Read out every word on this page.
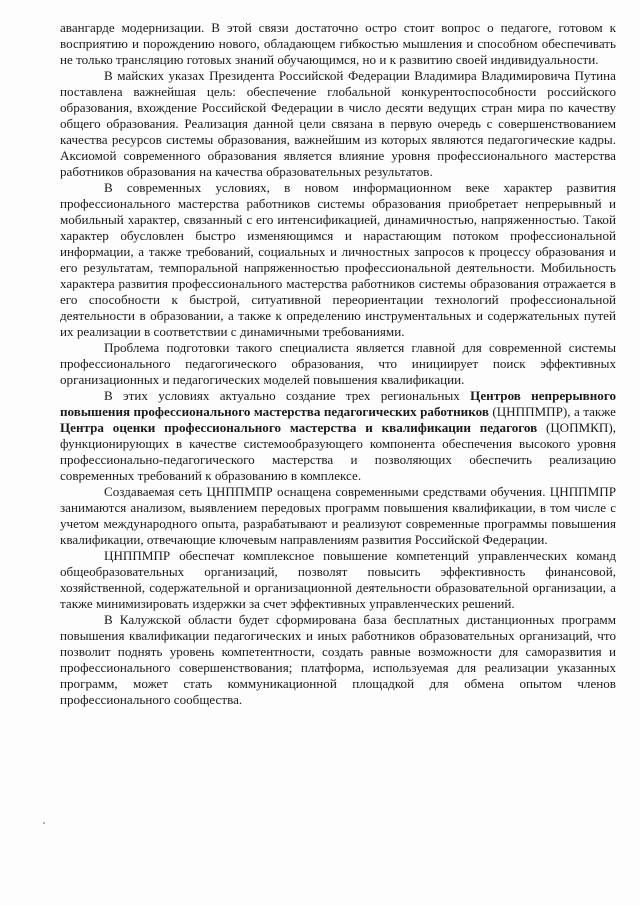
авангарде модернизации. В этой связи достаточно остро стоит вопрос о педагоге, готовом к восприятию и порождению нового, обладающем гибкостью мышления и способном обеспечивать не только трансляцию готовых знаний обучающимся, но и к развитию своей индивидуальности.

В майских указах Президента Российской Федерации Владимира Владимировича Путина поставлена важнейшая цель: обеспечение глобальной конкурентоспособности российского образования, вхождение Российской Федерации в число десяти ведущих стран мира по качеству общего образования. Реализация данной цели связана в первую очередь с совершенствованием качества ресурсов системы образования, важнейшим из которых являются педагогические кадры. Аксиомой современного образования является влияние уровня профессионального мастерства работников образования на качества образовательных результатов.

В современных условиях, в новом информационном веке характер развития профессионального мастерства работников системы образования приобретает непрерывный и мобильный характер, связанный с его интенсификацией, динамичностью, напряженностью. Такой характер обусловлен быстро изменяющимся и нарастающим потоком профессиональной информации, а также требований, социальных и личностных запросов к процессу образования и его результатам, темпоральной напряженностью профессиональной деятельности. Мобильность характера развития профессионального мастерства работников системы образования отражается в его способности к быстрой, ситуативной переориентации технологий профессиональной деятельности в образовании, а также к определению инструментальных и содержательных путей их реализации в соответствии с динамичными требованиями.

Проблема подготовки такого специалиста является главной для современной системы профессионального педагогического образования, что инициирует поиск эффективных организационных и педагогических моделей повышения квалификации.

В этих условиях актуально создание трех региональных Центров непрерывного повышения профессионального мастерства педагогических работников (ЦНППМПР), а также Центра оценки профессионального мастерства и квалификации педагогов (ЦОПМКП), функционирующих в качестве системообразующего компонента обеспечения высокого уровня профессионально-педагогического мастерства и позволяющих обеспечить реализацию современных требований к образованию в комплексе.

Создаваемая сеть ЦНППМПР оснащена современными средствами обучения. ЦНППМПР занимаются анализом, выявлением передовых программ повышения квалификации, в том числе с учетом международного опыта, разрабатывают и реализуют современные программы повышения квалификации, отвечающие ключевым направлениям развития Российской Федерации.

ЦНППМПР обеспечат комплексное повышение компетенций управленческих команд общеобразовательных организаций, позволят повысить эффективность финансовой, хозяйственной, содержательной и организационной деятельности образовательной организации, а также минимизировать издержки за счет эффективных управленческих решений.

В Калужской области будет сформирована база бесплатных дистанционных программ повышения квалификации педагогических и иных работников образовательных организаций, что позволит поднять уровень компетентности, создать равные возможности для саморазвития и профессионального совершенствования; платформа, используемая для реализации указанных программ, может стать коммуникационной площадкой для обмена опытом членов профессионального сообщества.
